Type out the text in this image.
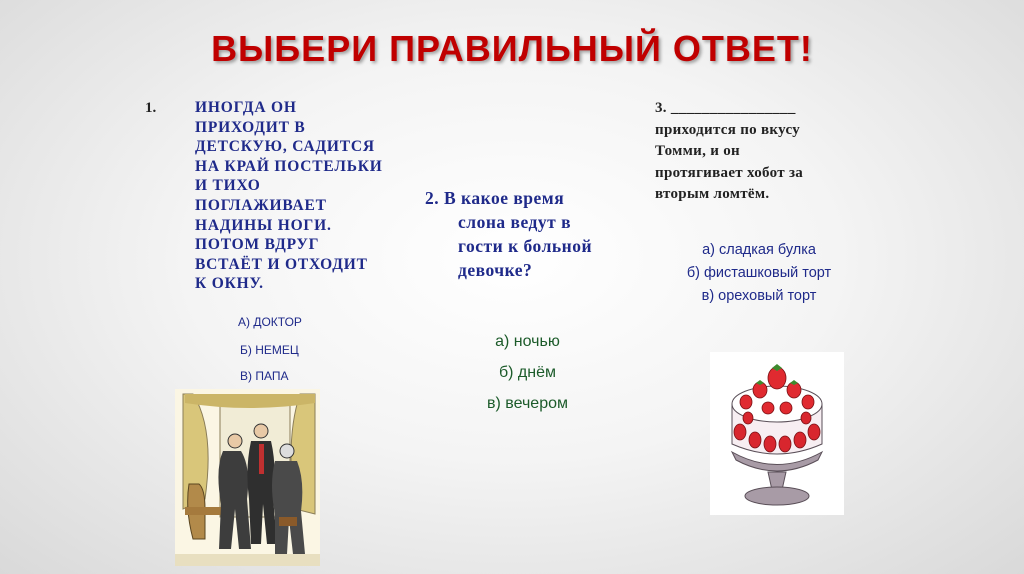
ВЫБЕРИ ПРАВИЛЬНЫЙ ОТВЕТ!
1.	ИНОГДА ОН
ПРИХОДИТ В
ДЕТСКУЮ, САДИТСЯ
НА КРАЙ ПОСТЕЛЬКИ
И ТИХО
ПОГЛАЖИВАЕТ
НАДИНЫ НОГИ.
ПОТОМ ВДРУГ
ВСТАЁТ И ОТХОДИТ
К ОКНУ.
А) ДОКТОР
Б) НЕМЕЦ
В) ПАПА
2. В какое время
слона ведут в
гости к больной
девочке?
а) ночью
б) днём
в) вечером
3. ________________
приходится по вкусу
Томми, и он
протягивает хобот за
вторым ломтём.
а) сладкая булка
б) фисташковый торт
в) ореховый торт
